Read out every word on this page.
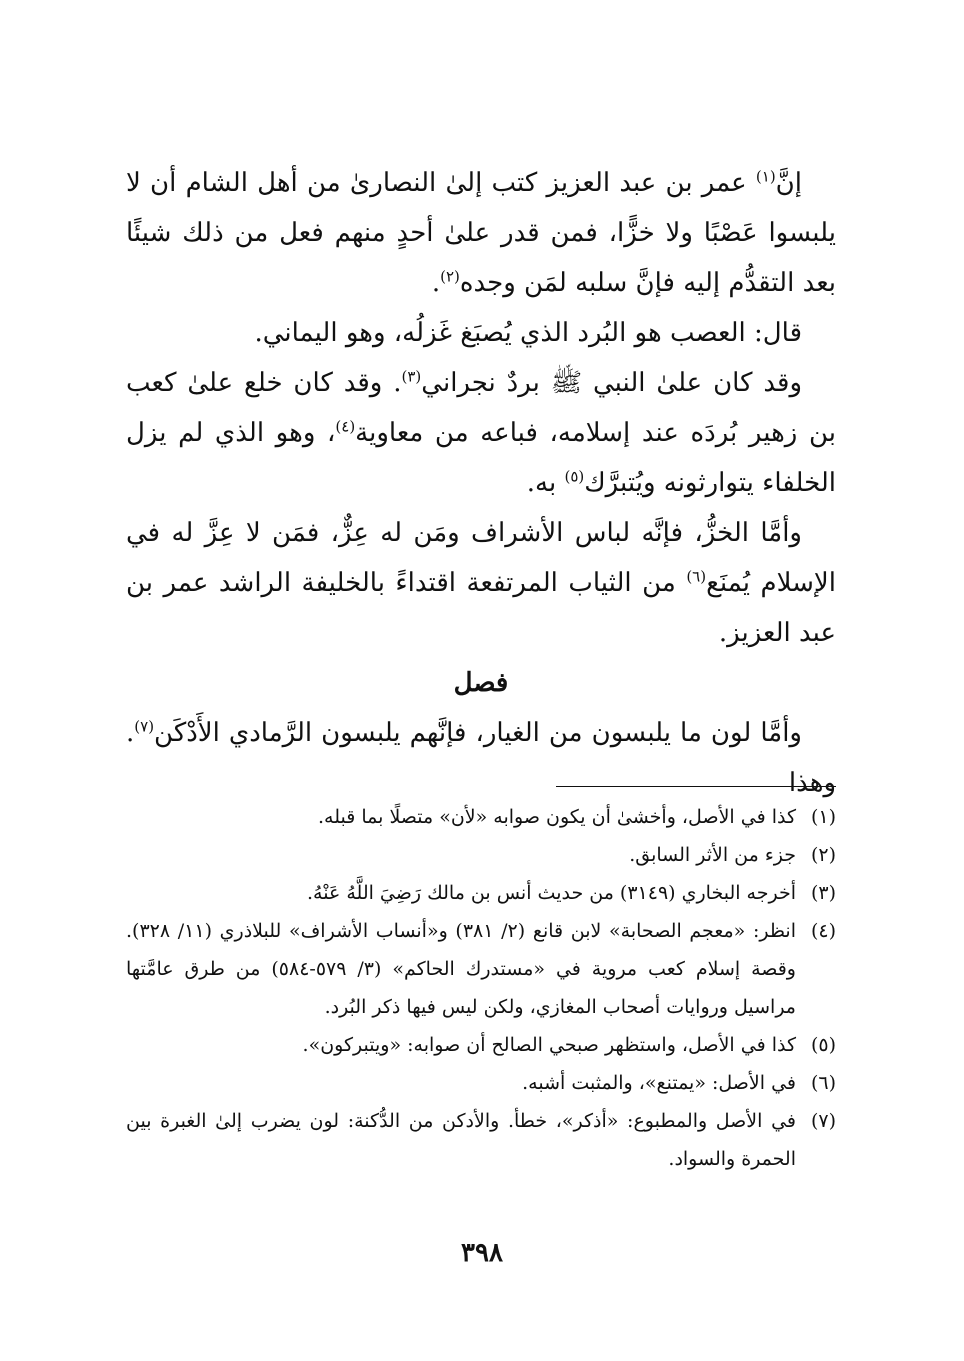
إنَّ$^{(١)}$ عمر بن عبد العزيز كتب إلىٰ النصارىٰ من أهل الشام أن لا يلبسوا عَصْبًا ولا خزًّا، فمن قدر علىٰ أحدٍ منهم فعل من ذلك شيئًا بعد التقدُّم إليه فإنَّ سلبه لمَن وجده$^{(٢)}$.

قال: العصب هو البُرد الذي يُصبَغ غَزلُه، وهو اليماني.

وقد كان علىٰ النبي ﷺ بردٌ نجراني$^{(٣)}$. وقد كان خلع علىٰ كعب بن زهير بُردَه عند إسلامه، فباعه من معاوية$^{(٤)}$، وهو الذي لم يزل الخلفاء يتوارثونه ويُتبرَّك$^{(٥)}$ به.

وأمَّا الخزُّ، فإنَّه لباس الأشراف ومَن له عِزٌّ، فمَن لا عِزَّ له في الإسلام يُمنَع$^{(٦)}$ من الثياب المرتفعة اقتداءً بالخليفة الراشد عمر بن عبد العزيز.

فصل

وأمَّا لون ما يلبسون من الغيار، فإنَّهم يلبسون الرَّمادي الأَدْكَن$^{(٧)}$. وهذا

(١)
كذا في الأصل، وأخشىٰ أن يكون صوابه «لأن» متصلًا بما قبله.
(٢)
جزء من الأثر السابق.
(٣)
أخرجه البخاري (٣١٤٩) من حديث أنس بن مالك رَضِيَ اللَّهُ عَنْهُ.
(٤)
انظر: «معجم الصحابة» لابن قانع (٢/ ٣٨١) و«أنساب الأشراف» للبلاذري (١١/ ٣٢٨). وقصة إسلام كعب مروية في «مستدرك الحاكم» (٣/ ٥٧٩-٥٨٤) من طرق عامَّتها مراسيل وروايات أصحاب المغازي، ولكن ليس فيها ذكر البُرد.
(٥)
كذا في الأصل، واستظهر صبحي الصالح أن صوابه: «ويتبركون».
(٦)
في الأصل: «يمتنع»، والمثبت أشبه.
(٧)
في الأصل والمطبوع: «أذكر»، خطأ. والأدكن من الدُّكنة: لون يضرب إلىٰ الغبرة بين الحمرة والسواد.
٣٩٨
